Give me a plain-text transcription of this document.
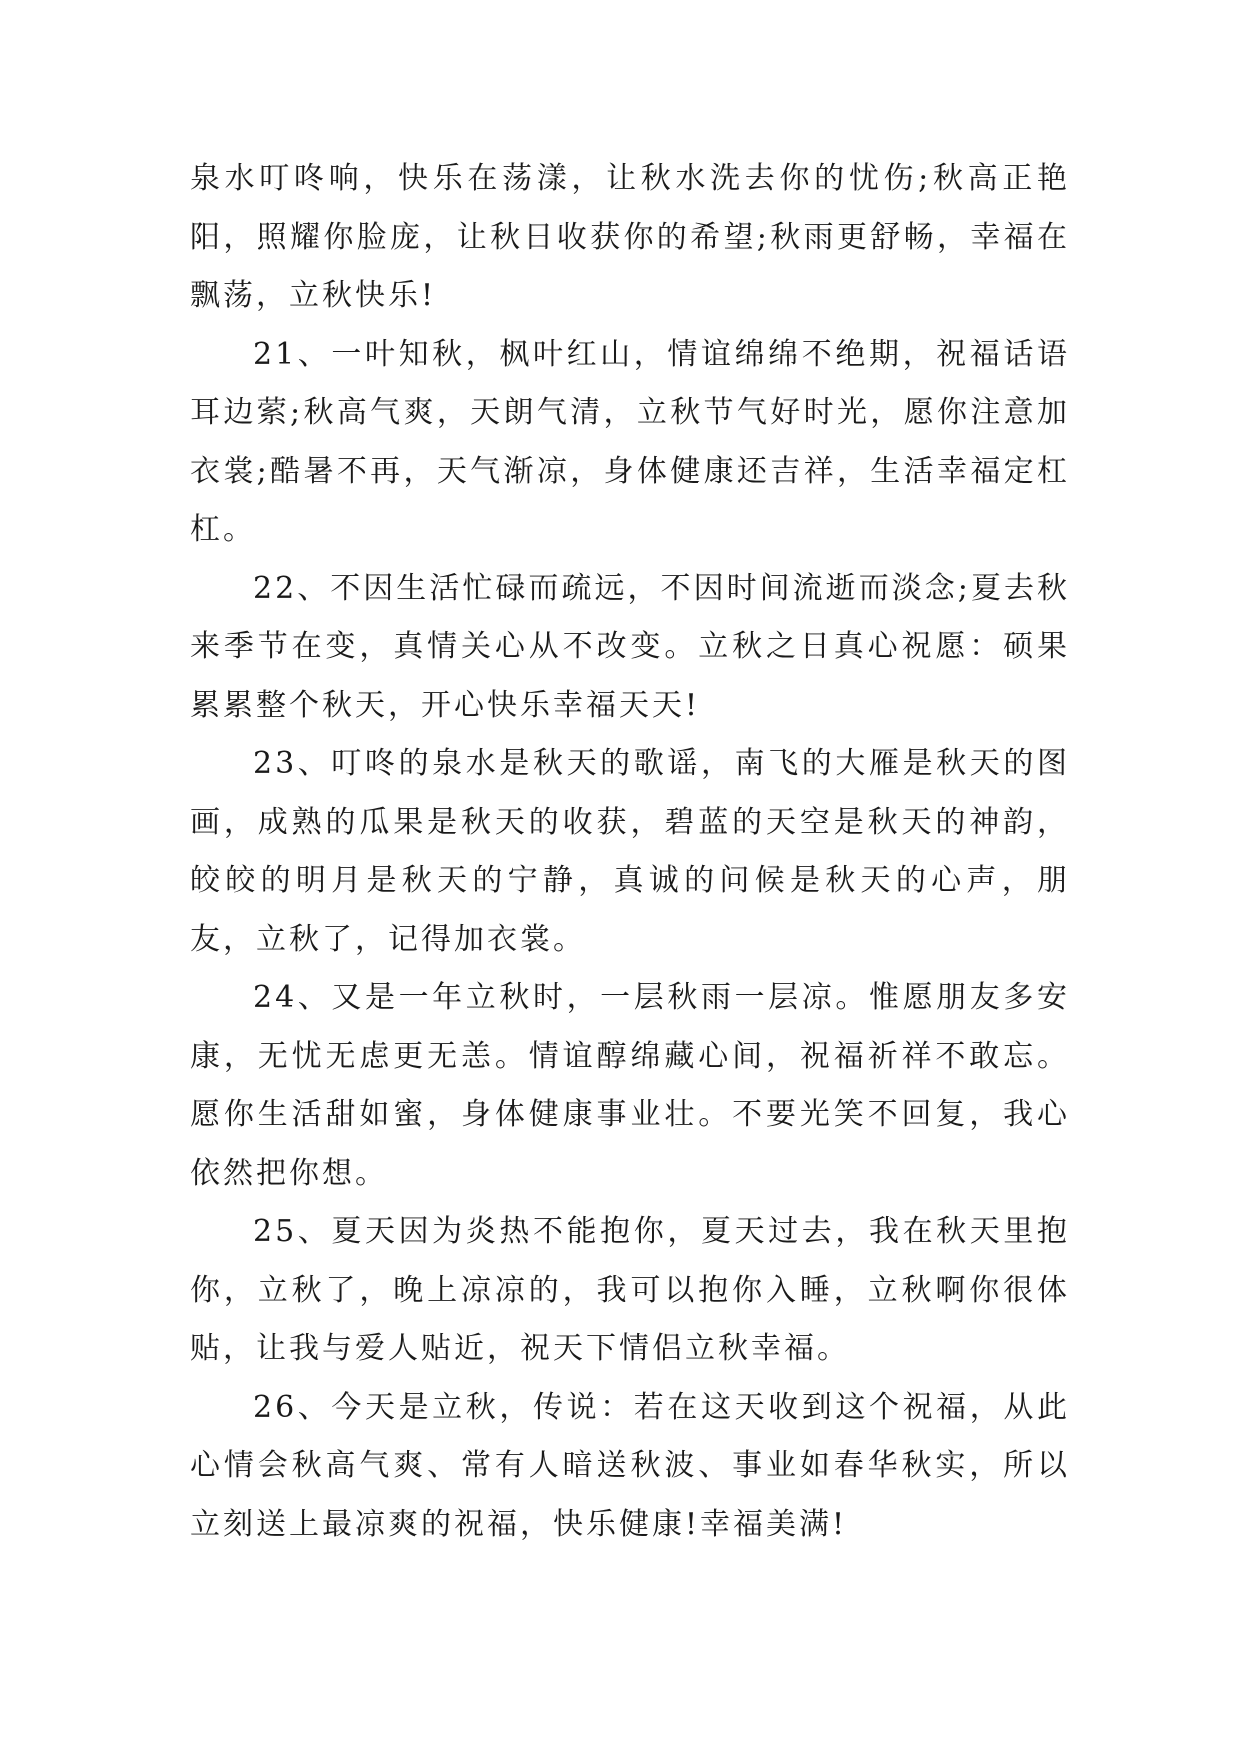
泉水叮咚响，快乐在荡漾，让秋水洗去你的忧伤;秋高正艳阳，照耀你脸庞，让秋日收获你的希望;秋雨更舒畅，幸福在飘荡，立秋快乐!

21、一叶知秋，枫叶红山，情谊绵绵不绝期，祝福话语耳边萦;秋高气爽，天朗气清，立秋节气好时光，愿你注意加衣裳;酷暑不再，天气渐凉，身体健康还吉祥，生活幸福定杠杠。

22、不因生活忙碌而疏远，不因时间流逝而淡念;夏去秋来季节在变，真情关心从不改变。立秋之日真心祝愿：硕果累累整个秋天，开心快乐幸福天天!

23、叮咚的泉水是秋天的歌谣，南飞的大雁是秋天的图画，成熟的瓜果是秋天的收获，碧蓝的天空是秋天的神韵，皎皎的明月是秋天的宁静，真诚的问候是秋天的心声，朋友，立秋了，记得加衣裳。

24、又是一年立秋时，一层秋雨一层凉。惟愿朋友多安康，无忧无虑更无恙。情谊醇绵藏心间，祝福祈祥不敢忘。愿你生活甜如蜜，身体健康事业壮。不要光笑不回复，我心依然把你想。

25、夏天因为炎热不能抱你，夏天过去，我在秋天里抱你，立秋了，晚上凉凉的，我可以抱你入睡，立秋啊你很体贴，让我与爱人贴近，祝天下情侣立秋幸福。

26、今天是立秋，传说：若在这天收到这个祝福，从此心情会秋高气爽、常有人暗送秋波、事业如春华秋实，所以立刻送上最凉爽的祝福，快乐健康!幸福美满!
